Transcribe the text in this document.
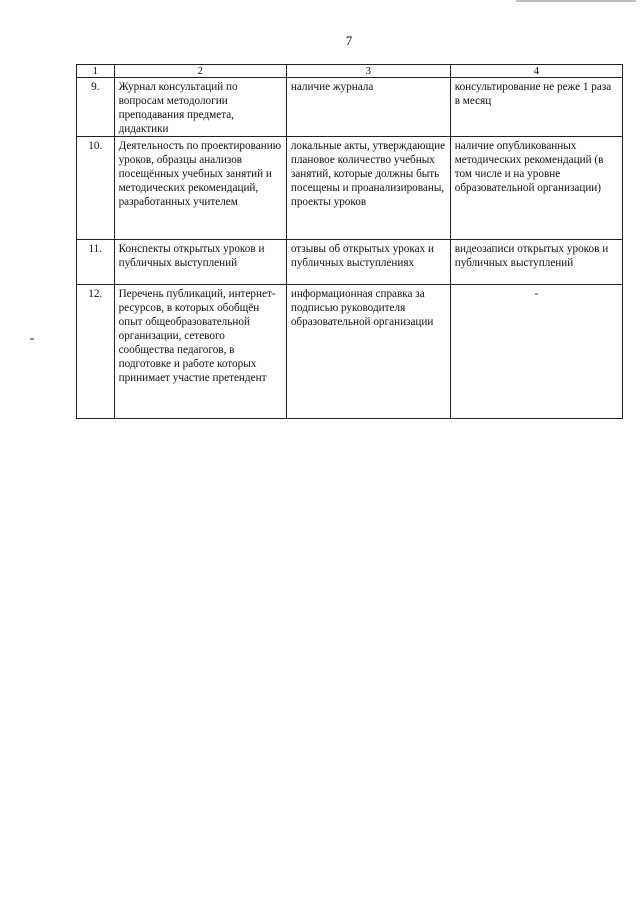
7
1	2	3	4
9.	Журнал консультаций по вопросам методологии преподавания предмета, дидактики	наличие журнала	консультирование не реже 1 раза в месяц
10.	Деятельность по проектированию уроков, образцы анализов посещённых учебных занятий и методических рекомендаций, разработанных учителем	локальные акты, утверждающие плановое количество учебных занятий, которые должны быть посещены и проанализированы, проекты уроков	наличие опубликованных методических рекомендаций (в том числе и на уровне образовательной организации)
11.	Конспекты открытых уроков и публичных выступлений	отзывы об открытых уроках и публичных выступлениях	видеозаписи открытых уроков и публичных выступлений
12.	Перечень публикаций, интернет-ресурсов, в которых обобщён опыт общеобразовательной организации, сетевого сообщества педагогов, в подготовке и работе которых принимает участие претендент	информационная справка за подписью руководителя образовательной организации	-
